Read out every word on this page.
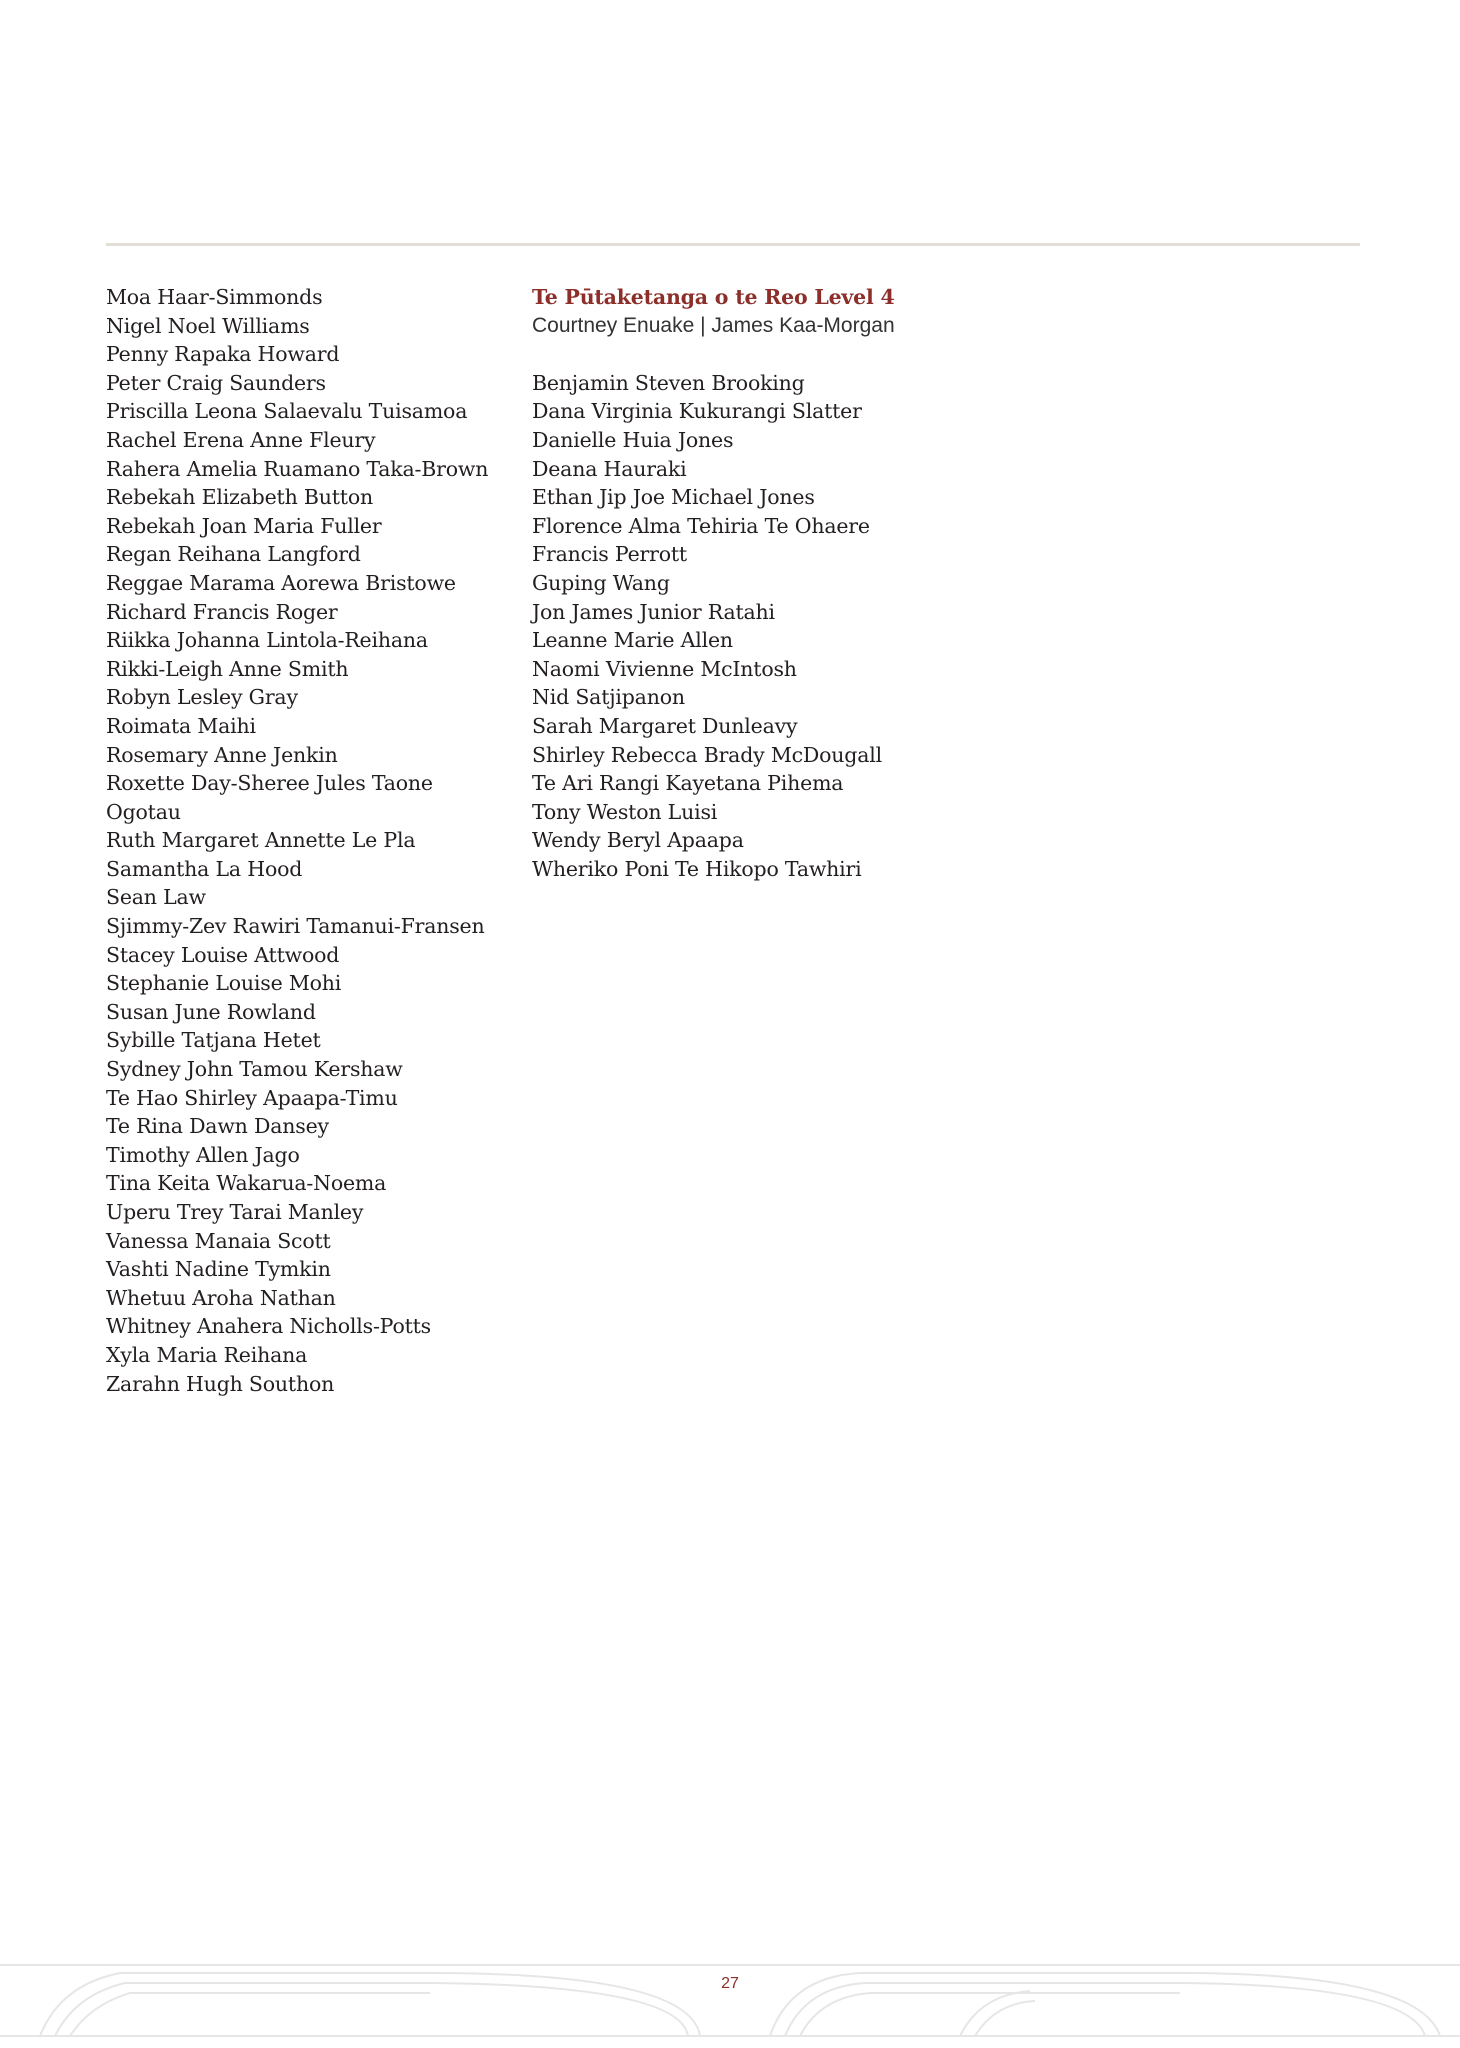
Moa Haar-Simmonds
Nigel Noel Williams
Penny Rapaka Howard
Peter Craig Saunders
Priscilla Leona Salaevalu Tuisamoa
Rachel Erena Anne Fleury
Rahera Amelia Ruamano Taka-Brown
Rebekah Elizabeth Button
Rebekah Joan Maria Fuller
Regan Reihana Langford
Reggae Marama Aorewa Bristowe
Richard Francis Roger
Riikka Johanna Lintola-Reihana
Rikki-Leigh Anne Smith
Robyn Lesley Gray
Roimata Maihi
Rosemary Anne Jenkin
Roxette Day-Sheree Jules Taone
Ogotau
Ruth Margaret Annette Le Pla
Samantha La Hood
Sean Law
Sjimmy-Zev Rawiri Tamanui-Fransen
Stacey Louise Attwood
Stephanie Louise Mohi
Susan June Rowland
Sybille Tatjana Hetet
Sydney John Tamou Kershaw
Te Hao Shirley Apaapa-Timu
Te Rina Dawn Dansey
Timothy Allen Jago
Tina Keita Wakarua-Noema
Uperu Trey Tarai Manley
Vanessa Manaia Scott
Vashti Nadine Tymkin
Whetuu Aroha Nathan
Whitney Anahera Nicholls-Potts
Xyla Maria Reihana
Zarahn Hugh Southon
Te Pūtaketanga o te Reo Level 4
Courtney Enuake | James Kaa-Morgan
Benjamin Steven Brooking
Dana Virginia Kukurangi Slatter
Danielle Huia Jones
Deana Hauraki
Ethan Jip Joe Michael Jones
Florence Alma Tehiria Te Ohaere
Francis Perrott
Guping Wang
Jon James Junior Ratahi
Leanne Marie Allen
Naomi Vivienne McIntosh
Nid Satjipanon
Sarah Margaret Dunleavy
Shirley Rebecca Brady McDougall
Te Ari Rangi Kayetana Pihema
Tony Weston Luisi
Wendy Beryl Apaapa
Wheriko Poni Te Hikopo Tawhiri
27
